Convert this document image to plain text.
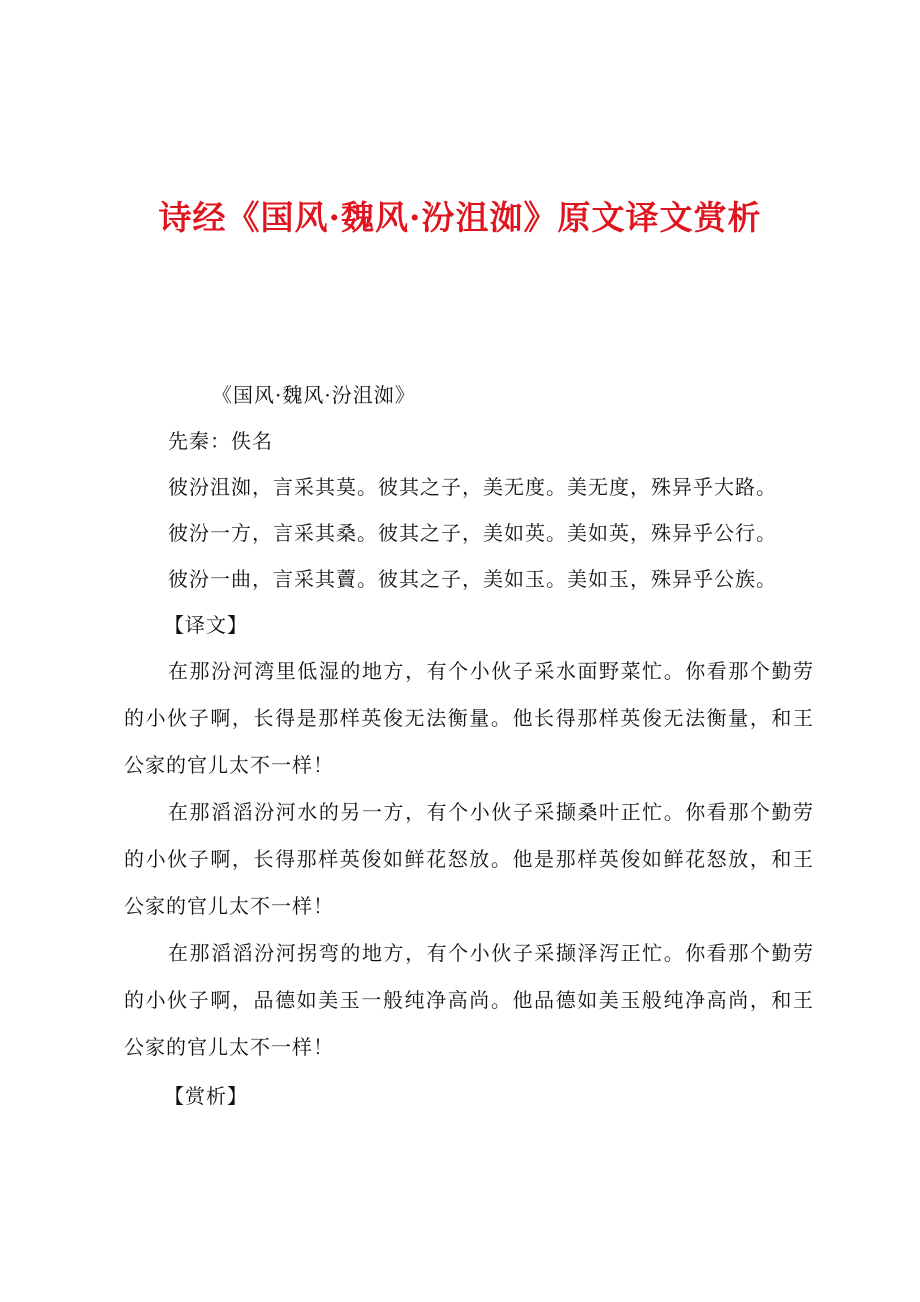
诗经《国风·魏风·汾沮洳》原文译文赏析

《国风·魏风·汾沮洳》

先秦：佚名

彼汾沮洳，言采其莫。彼其之子，美无度。美无度，殊异乎大路。

彼汾一方，言采其桑。彼其之子，美如英。美如英，殊异乎公行。

彼汾一曲，言采其藚。彼其之子，美如玉。美如玉，殊异乎公族。

【译文】

在那汾河湾里低湿的地方，有个小伙子采水面野菜忙。你看那个勤劳的小伙子啊，长得是那样英俊无法衡量。他长得那样英俊无法衡量，和王公家的官儿太不一样！

在那滔滔汾河水的另一方，有个小伙子采撷桑叶正忙。你看那个勤劳的小伙子啊，长得那样英俊如鲜花怒放。他是那样英俊如鲜花怒放，和王公家的官儿太不一样！

在那滔滔汾河拐弯的地方，有个小伙子采撷泽泻正忙。你看那个勤劳的小伙子啊，品德如美玉一般纯净高尚。他品德如美玉般纯净高尚，和王公家的官儿太不一样！

【赏析】
